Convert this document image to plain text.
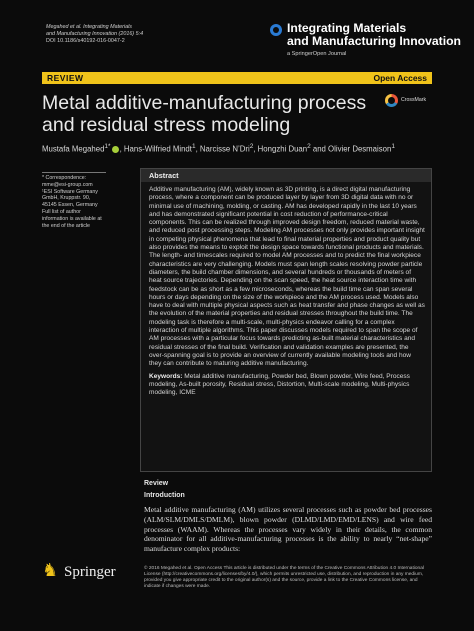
Megahed et al. Integrating Materials
and Manufacturing Innovation (2016) 5:4
DOI 10.1186/s40192-016-0047-2
Integrating Materials
and Manufacturing Innovation
a SpringerOpen Journal
REVIEW	Open Access
Metal additive-manufacturing process and residual stress modeling
CrossMark
Mustafa Megahed$^{1*}$ , Hans-Wilfried Mindt$^1$, Narcisse N’Dri$^2$, Hongzhi Duan$^2$ and Olivier Desmaison$^1$
* Correspondence: mme@esi-group.com
¹ESI Software Germany GmbH, Kruppstr. 90, 45145 Essen, Germany
Full list of author information is available at the end of the article
Abstract
Additive manufacturing (AM), widely known as 3D printing, is a direct digital manufacturing process, where a component can be produced layer by layer from 3D digital data with no or minimal use of machining, molding, or casting. AM has developed rapidly in the last 10 years and has demonstrated significant potential in cost reduction of performance-critical components. This can be realized through improved design freedom, reduced material waste, and reduced post processing steps. Modeling AM processes not only provides important insight in competing physical phenomena that lead to final material properties and product quality but also provides the means to exploit the design space towards functional products and materials. The length- and timescales required to model AM processes and to predict the final workpiece characteristics are very challenging. Models must span length scales resolving powder particle diameters, the build chamber dimensions, and several hundreds or thousands of meters of heat source trajectories. Depending on the scan speed, the heat source interaction time with feedstock can be as short as a few microseconds, whereas the build time can span several hours or days depending on the size of the workpiece and the AM process used. Models also have to deal with multiple physical aspects such as heat transfer and phase changes as well as the evolution of the material properties and residual stresses throughout the build time. The modeling task is therefore a multi-scale, multi-physics endeavor calling for a complex interaction of multiple algorithms. This paper discusses models required to span the scope of AM processes with a particular focus towards predicting as-built material characteristics and residual stresses of the final build. Verification and validation examples are presented, the over-spanning goal is to provide an overview of currently available modeling tools and how they can contribute to maturing additive manufacturing.
Keywords: Metal additive manufacturing, Powder bed, Blown powder, Wire feed, Process modeling, As-built porosity, Residual stress, Distortion, Multi-scale modeling, Multi-physics modeling, ICME
Review
Introduction
Metal additive manufacturing (AM) utilizes several processes such as powder bed processes (ALM/SLM/DMLS/DMLM), blown powder (DLMD/LMD/EMD/LENS) and wire feed processes (WAAM). Whereas the processes vary widely in their details, the common denominator for all additive-manufacturing processes is the ability to nearly “net-shape” manufacture complex products:
♞ Springer	© 2016 Megahed et al. Open Access This article is distributed under the terms of the Creative Commons Attribution 4.0 International License (http://creativecommons.org/licenses/by/4.0/), which permits unrestricted use, distribution, and reproduction in any medium, provided you give appropriate credit to the original author(s) and the source, provide a link to the Creative Commons license, and indicate if changes were made.
